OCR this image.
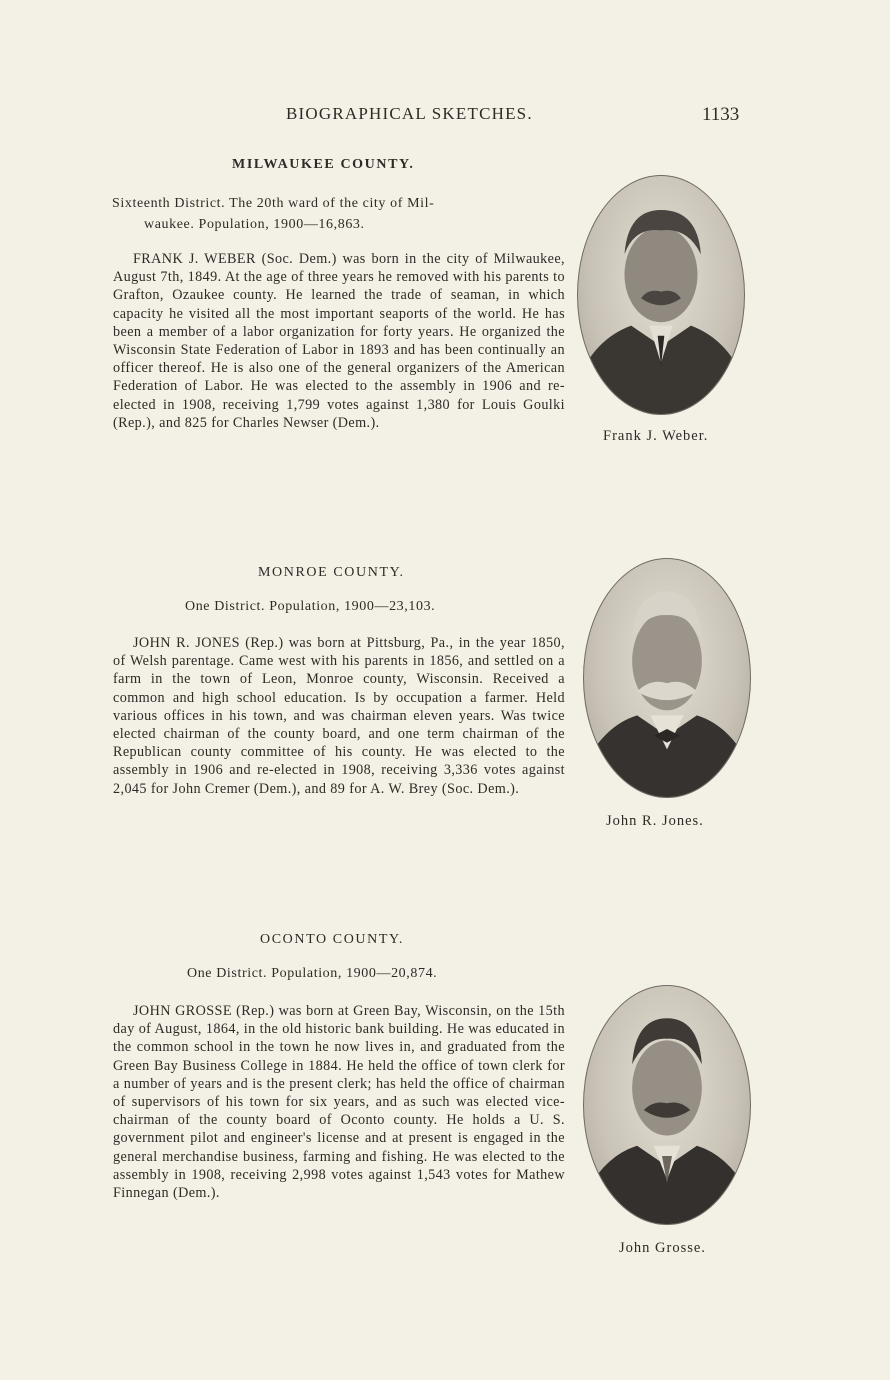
BIOGRAPHICAL SKETCHES.	1133
MILWAUKEE COUNTY.
Sixteenth District. The 20th ward of the city of Mil-
waukee. Population, 1900—16,863.

FRANK J. WEBER (Soc. Dem.) was born in the city of Milwaukee, August 7th, 1849. At the age of three years he removed with his parents to Grafton, Ozaukee county. He learned the trade of seaman, in which capacity he visited all the most important seaports of the world. He has been a member of a labor organization for forty years. He organized the Wisconsin State Federation of Labor in 1893 and has been continually an officer thereof. He is also one of the general organizers of the American Federation of Labor. He was elected to the assembly in 1906 and re-elected in 1908, receiving 1,799 votes against 1,380 for Louis Goulki (Rep.), and 825 for Charles Newser (Dem.).

Frank J. Weber.
MONROE COUNTY.
One District. Population, 1900—23,103.

JOHN R. JONES (Rep.) was born at Pittsburg, Pa., in the year 1850, of Welsh parentage. Came west with his parents in 1856, and settled on a farm in the town of Leon, Monroe county, Wisconsin. Received a common and high school education. Is by occupation a farmer. Held various offices in his town, and was chairman eleven years. Was twice elected chairman of the county board, and one term chairman of the Republican county committee of his county. He was elected to the assembly in 1906 and re-elected in 1908, receiving 3,336 votes against 2,045 for John Cremer (Dem.), and 89 for A. W. Brey (Soc. Dem.).

John R. Jones.
OCONTO COUNTY.
One District. Population, 1900—20,874.

JOHN GROSSE (Rep.) was born at Green Bay, Wisconsin, on the 15th day of August, 1864, in the old historic bank building. He was educated in the common school in the town he now lives in, and graduated from the Green Bay Business College in 1884. He held the office of town clerk for a number of years and is the present clerk; has held the office of chairman of supervisors of his town for six years, and as such was elected vice-chairman of the county board of Oconto county. He holds a U. S. government pilot and engineer's license and at present is engaged in the general merchandise business, farming and fishing. He was elected to the assembly in 1908, receiving 2,998 votes against 1,543 votes for Mathew Finnegan (Dem.).

John Grosse.
